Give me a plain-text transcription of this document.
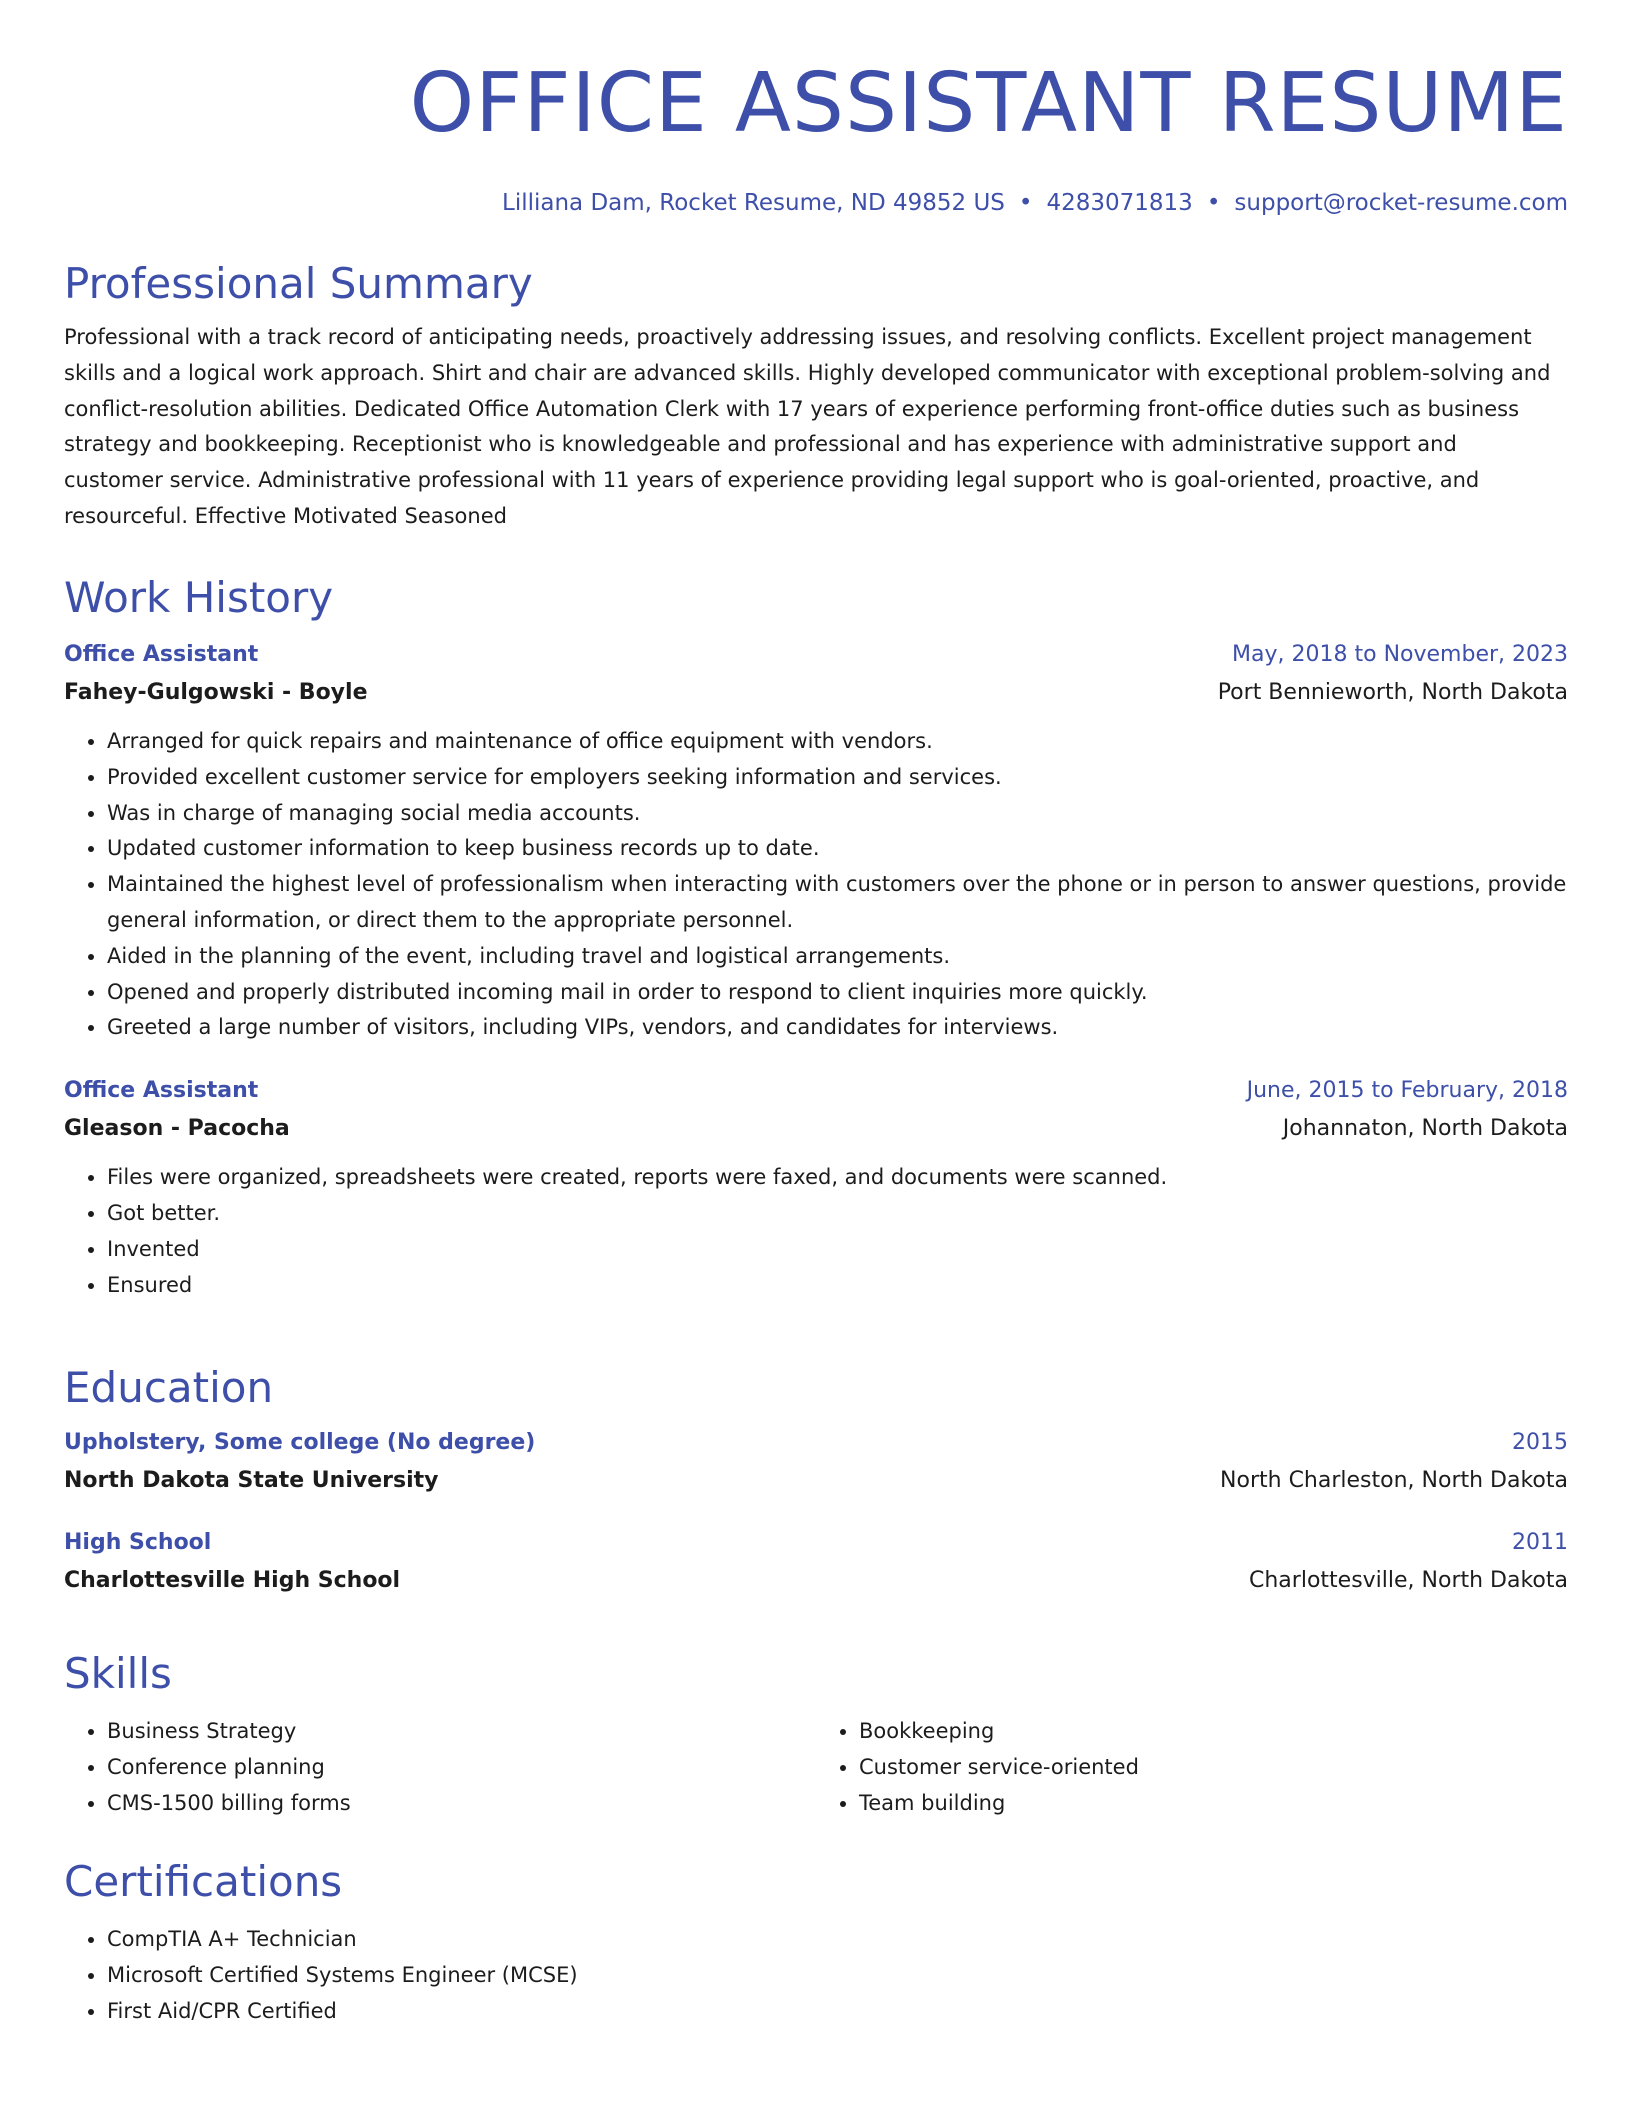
OFFICE ASSISTANT RESUME
Lilliana Dam, Rocket Resume, ND 49852 US • 4283071813 • support@rocket-resume.com
Professional Summary

Professional with a track record of anticipating needs, proactively addressing issues, and resolving conflicts. Excellent project management skills and a logical work approach. Shirt and chair are advanced skills. Highly developed communicator with exceptional problem-solving and conflict-resolution abilities. Dedicated Office Automation Clerk with 17 years of experience performing front-office duties such as business strategy and bookkeeping. Receptionist who is knowledgeable and professional and has experience with administrative support and customer service. Administrative professional with 11 years of experience providing legal support who is goal-oriented, proactive, and resourceful. Effective Motivated Seasoned

Work History
Office Assistant	May, 2018 to November, 2023
Fahey-Gulgowski - Boyle	Port Bennieworth, North Dakota
• Arranged for quick repairs and maintenance of office equipment with vendors.
• Provided excellent customer service for employers seeking information and services.
• Was in charge of managing social media accounts.
• Updated customer information to keep business records up to date.
• Maintained the highest level of professionalism when interacting with customers over the phone or in person to answer questions, provide general information, or direct them to the appropriate personnel.
• Aided in the planning of the event, including travel and logistical arrangements.
• Opened and properly distributed incoming mail in order to respond to client inquiries more quickly.
• Greeted a large number of visitors, including VIPs, vendors, and candidates for interviews.
Office Assistant	June, 2015 to February, 2018
Gleason - Pacocha	Johannaton, North Dakota
• Files were organized, spreadsheets were created, reports were faxed, and documents were scanned.
• Got better.
• Invented
• Ensured
Education
Upholstery, Some college (No degree)	2015
North Dakota State University	North Charleston, North Dakota
High School	2011
Charlottesville High School	Charlottesville, North Dakota
Skills
• Business Strategy
• Conference planning
• CMS-1500 billing forms
• Bookkeeping
• Customer service-oriented
• Team building
Certifications
• CompTIA A+ Technician
• Microsoft Certified Systems Engineer (MCSE)
• First Aid/CPR Certified
